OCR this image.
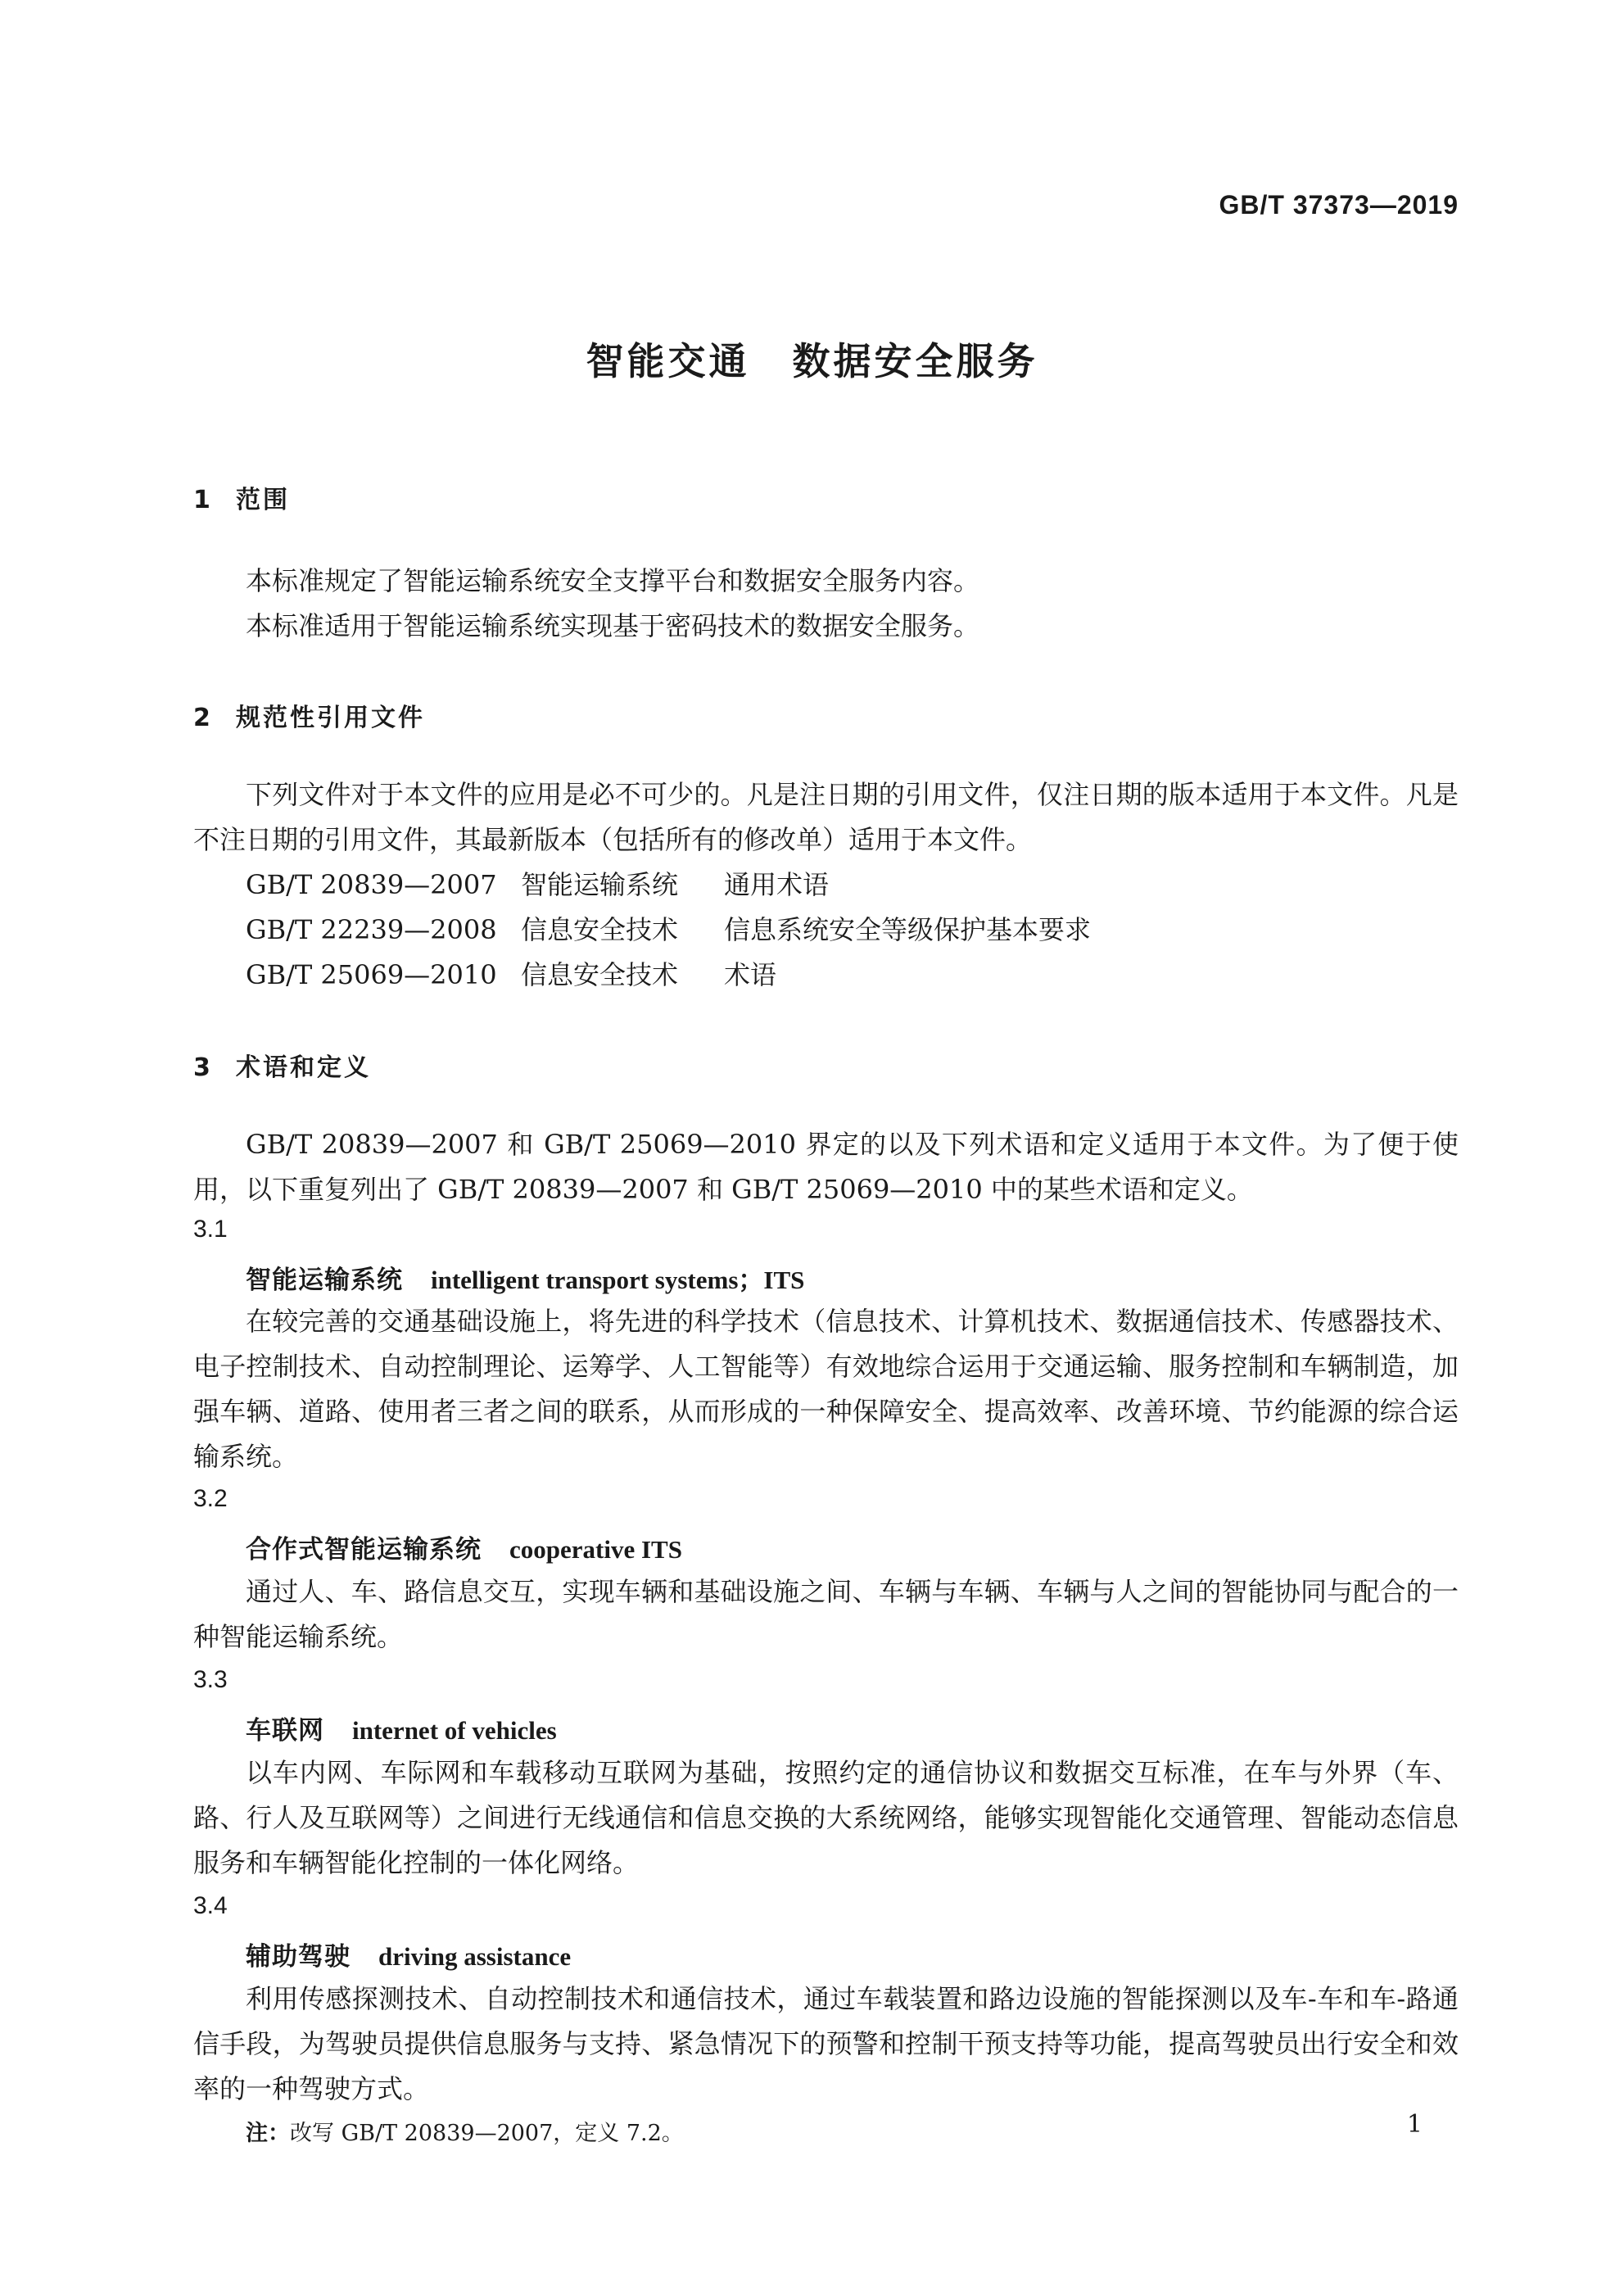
GB/T 37373—2019
智能交通 数据安全服务
1 范围
本标准规定了智能运输系统安全支撑平台和数据安全服务内容。
本标准适用于智能运输系统实现基于密码技术的数据安全服务。
2 规范性引用文件

下列文件对于本文件的应用是必不可少的。凡是注日期的引用文件，仅注日期的版本适用于本文件。凡是不注日期的引用文件，其最新版本（包括所有的修改单）适用于本文件。

GB/T 20839—2007 智能运输系统 通用术语
GB/T 22239—2008 信息安全技术 信息系统安全等级保护基本要求
GB/T 25069—2010 信息安全技术 术语
3 术语和定义

GB/T 20839—2007 和 GB/T 25069—2010 界定的以及下列术语和定义适用于本文件。为了便于使用，以下重复列出了 GB/T 20839—2007 和 GB/T 25069—2010 中的某些术语和定义。

3.1
智能运输系统 intelligent transport systems；ITS

在较完善的交通基础设施上，将先进的科学技术（信息技术、计算机技术、数据通信技术、传感器技术、电子控制技术、自动控制理论、运筹学、人工智能等）有效地综合运用于交通运输、服务控制和车辆制造，加强车辆、道路、使用者三者之间的联系，从而形成的一种保障安全、提高效率、改善环境、节约能源的综合运输系统。

3.2
合作式智能运输系统 cooperative ITS

通过人、车、路信息交互，实现车辆和基础设施之间、车辆与车辆、车辆与人之间的智能协同与配合的一种智能运输系统。

3.3
车联网 internet of vehicles

以车内网、车际网和车载移动互联网为基础，按照约定的通信协议和数据交互标准，在车与外界（车、路、行人及互联网等）之间进行无线通信和信息交换的大系统网络，能够实现智能化交通管理、智能动态信息服务和车辆智能化控制的一体化网络。

3.4
辅助驾驶 driving assistance

利用传感探测技术、自动控制技术和通信技术，通过车载装置和路边设施的智能探测以及车-车和车-路通信手段，为驾驶员提供信息服务与支持、紧急情况下的预警和控制干预支持等功能，提高驾驶员出行安全和效率的一种驾驶方式。

注：改写 GB/T 20839—2007，定义 7.2。	1
